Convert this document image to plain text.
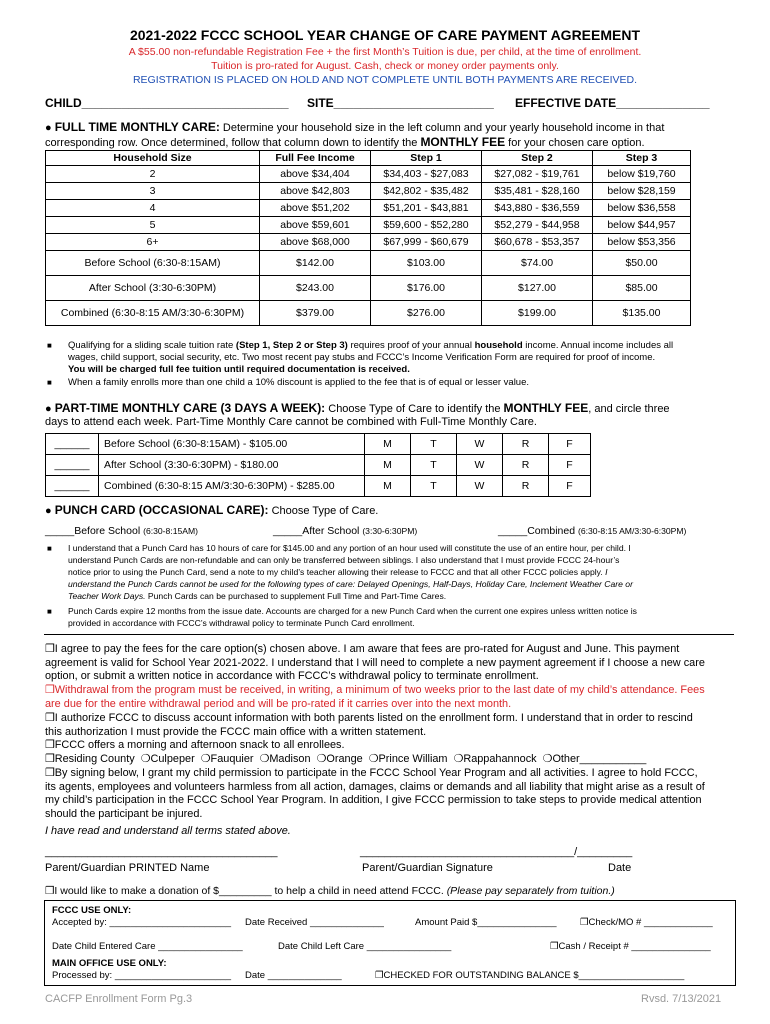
2021-2022 FCCC SCHOOL YEAR CHANGE OF CARE PAYMENT AGREEMENT
A $55.00 non-refundable Registration Fee + the first Month’s Tuition is due, per child, at the time of enrollment.
Tuition is pro-rated for August. Cash, check or money order payments only.
REGISTRATION IS PLACED ON HOLD AND NOT COMPLETE UNTIL BOTH PAYMENTS ARE RECEIVED.
CHILD_______________________________ SITE________________________ EFFECTIVE DATE______________
● FULL TIME MONTHLY CARE: Determine your household size in the left column and your yearly household income in that
corresponding row. Once determined, follow that column down to identify the MONTHLY FEE for your chosen care option.
Household Size	Full Fee Income	Step 1	Step 2	Step 3
2	above $34,404	$34,403 - $27,083	$27,082 - $19,761	below $19,760
3	above $42,803	$42,802 - $35,482	$35,481 - $28,160	below $28,159
4	above $51,202	$51,201 - $43,881	$43,880 - $36,559	below $36,558
5	above $59,601	$59,600 - $52,280	$52,279 - $44,958	below $44,957
6+	above $68,000	$67,999 - $60,679	$60,678 - $53,357	below $53,356
Before School (6:30-8:15AM)	$142.00	$103.00	$74.00	$50.00
After School (3:30-6:30PM)	$243.00	$176.00	$127.00	$85.00
Combined (6:30-8:15 AM/3:30-6:30PM)	$379.00	$276.00	$199.00	$135.00
■ Qualifying for a sliding scale tuition rate (Step 1, Step 2 or Step 3) requires proof of your annual household income. Annual income includes all
wages, child support, social security, etc. Two most recent pay stubs and FCCC’s Income Verification Form are required for proof of income.
You will be charged full fee tuition until required documentation is received.
■ When a family enrolls more than one child a 10% discount is applied to the fee that is of equal or lesser value.
● PART-TIME MONTHLY CARE (3 DAYS A WEEK): Choose Type of Care to identify the MONTHLY FEE, and circle three
days to attend each week. Part-Time Monthly Care cannot be combined with Full-Time Monthly Care.
______	Before School (6:30-8:15AM) - $105.00	M	T	W	R	F
______	After School (3:30-6:30PM) - $180.00	M	T	W	R	F
______	Combined (6:30-8:15 AM/3:30-6:30PM) - $285.00	M	T	W	R	F
● PUNCH CARD (OCCASIONAL CARE): Choose Type of Care.
_____Before School (6:30-8:15AM)	_____After School (3:30-6:30PM)	_____Combined (6:30-8:15 AM/3:30-6:30PM)
■ I understand that a Punch Card has 10 hours of care for $145.00 and any portion of an hour used will constitute the use of an entire hour, per child. I
understand Punch Cards are non-refundable and can only be transferred between siblings. I also understand that I must provide FCCC 24-hour’s
notice prior to using the Punch Card, send a note to my child’s teacher allowing their release to FCCC and that all other FCCC policies apply. I
understand the Punch Cards cannot be used for the following types of care: Delayed Openings, Half-Days, Holiday Care, Inclement Weather Care or
Teacher Work Days. Punch Cards can be purchased to supplement Full Time and Part-Time Cares.
■ Punch Cards expire 12 months from the issue date. Accounts are charged for a new Punch Card when the current one expires unless written notice is
provided in accordance with FCCC’s withdrawal policy to terminate Punch Card enrollment.
❒I agree to pay the fees for the care option(s) chosen above. I am aware that fees are pro-rated for August and June. This payment
agreement is valid for School Year 2021-2022. I understand that I will need to complete a new payment agreement if I choose a new care
option, or submit a written notice in accordance with FCCC’s withdrawal policy to terminate enrollment.
❒Withdrawal from the program must be received, in writing, a minimum of two weeks prior to the last date of my child’s attendance. Fees
are due for the entire withdrawal period and will be pro-rated if it carries over into the next month.
❒I authorize FCCC to discuss account information with both parents listed on the enrollment form. I understand that in order to rescind
this authorization I must provide the FCCC main office with a written statement.
❒FCCC offers a morning and afternoon snack to all enrollees.
❒Residing County ❍Culpeper ❍Fauquier ❍Madison ❍Orange ❍Prince William ❍Rappahannock ❍Other___________
❒By signing below, I grant my child permission to participate in the FCCC School Year Program and all activities. I agree to hold FCCC,
its agents, employees and volunteers harmless from all action, damages, claims or demands and all liability that might arise as a result of
my child’s participation in the FCCC School Year Program. In addition, I give FCCC permission to take steps to provide medical attention
should the participant be injured.
I have read and understand all terms stated above.
______________________________________
Parent/Guardian PRINTED Name
___________________________________/_________
Parent/Guardian Signature	Date
❒I would like to make a donation of $_________ to help a child in need attend FCCC. (Please pay separately from tuition.)
FCCC USE ONLY:
Accepted by: _______________________ Date Received ______________	Amount Paid $_______________ ❒Check/MO # _____________
Date Child Entered Care ________________	Date Child Left Care ________________	❒Cash / Receipt # _______________
MAIN OFFICE USE ONLY:
Processed by: ______________________ Date ______________	❒CHECKED FOR OUTSTANDING BALANCE $____________________
CACFP Enrollment Form Pg.3	Rvsd. 7/13/2021
